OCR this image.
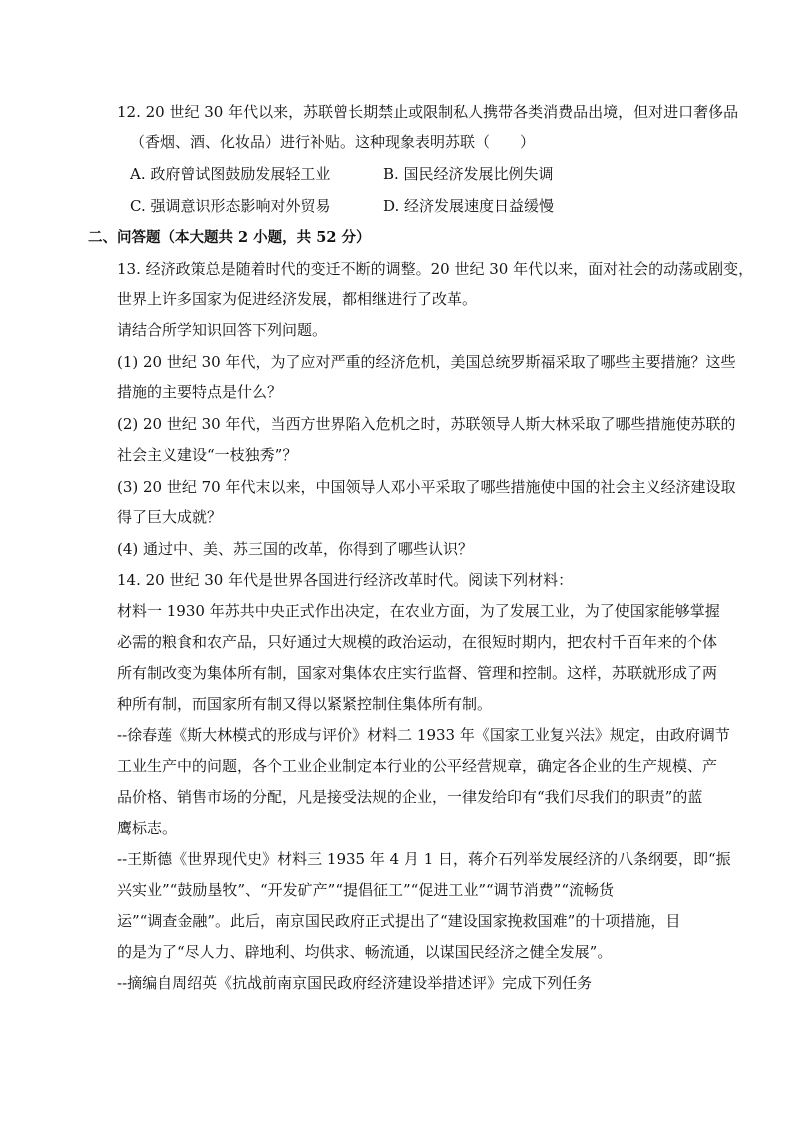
12. 20 世纪 30 年代以来，苏联曾长期禁止或限制私人携带各类消费品出境，但对进口奢侈品
（香烟、酒、化妆品）进行补贴。这种现象表明苏联（　　）
A. 政府曾试图鼓励发展轻工业	B. 国民经济发展比例失调
C. 强调意识形态影响对外贸易	D. 经济发展速度日益缓慢
二、问答题（本大题共 2 小题，共 52 分）
13. 经济政策总是随着时代的变迁不断的调整。20 世纪 30 年代以来，面对社会的动荡或剧变，
世界上许多国家为促进经济发展，都相继进行了改革。
请结合所学知识回答下列问题。
(1) 20 世纪 30 年代，为了应对严重的经济危机，美国总统罗斯福采取了哪些主要措施？这些
措施的主要特点是什么？
(2) 20 世纪 30 年代，当西方世界陷入危机之时，苏联领导人斯大林采取了哪些措施使苏联的
社会主义建设“一枝独秀”？
(3) 20 世纪 70 年代末以来，中国领导人邓小平采取了哪些措施使中国的社会主义经济建设取
得了巨大成就？
(4) 通过中、美、苏三国的改革，你得到了哪些认识？
14. 20 世纪 30 年代是世界各国进行经济改革时代。阅读下列材料：
材料一 1930 年苏共中央正式作出决定，在农业方面，为了发展工业，为了使国家能够掌握
必需的粮食和农产品，只好通过大规模的政治运动，在很短时期内，把农村千百年来的个体
所有制改变为集体所有制，国家对集体农庄实行监督、管理和控制。这样，苏联就形成了两
种所有制，而国家所有制又得以紧紧控制住集体所有制。
--徐春莲《斯大林模式的形成与评价》材料二 1933 年《国家工业复兴法》规定，由政府调节
工业生产中的问题，各个工业企业制定本行业的公平经营规章，确定各企业的生产规模、产
品价格、销售市场的分配，凡是接受法规的企业，一律发给印有“我们尽我们的职责”的蓝
鹰标志。
--王斯德《世界现代史》材料三 1935 年 4 月 1 日，蒋介石列举发展经济的八条纲要，即“振
兴实业”“鼓励垦牧”、“开发矿产”“提倡征工”“促进工业”“调节消费”“流畅货
运”“调查金融”。此后，南京国民政府正式提出了“建设国家挽救国难”的十项措施，目
的是为了“尽人力、辟地利、均供求、畅流通，以谋国民经济之健全发展”。
--摘编自周绍英《抗战前南京国民政府经济建设举措述评》完成下列任务
